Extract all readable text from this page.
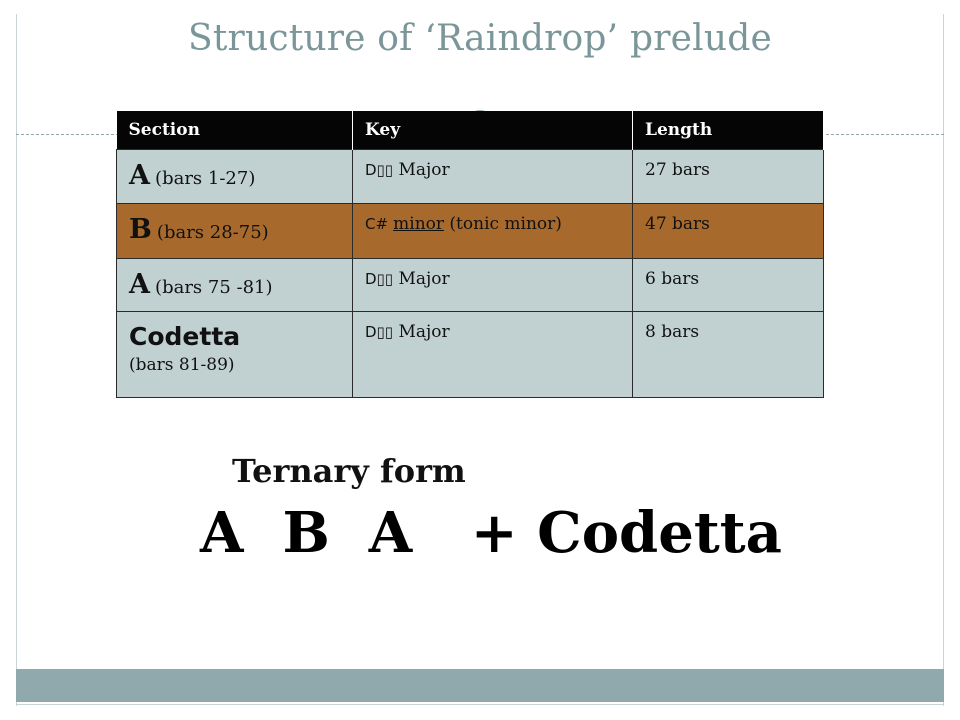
Structure of ‘Raindrop’ prelude
Section	Key	Length
A (bars 1-27)	D▯▯ Major	27 bars
B (bars 28-75)	C# minor (tonic minor)	47 bars
A (bars 75 -81)	D▯▯ Major	6 bars

Codetta
(bars 81-89)	D▯▯ Major	8 bars
Ternary form
A  B  A   + Codetta
